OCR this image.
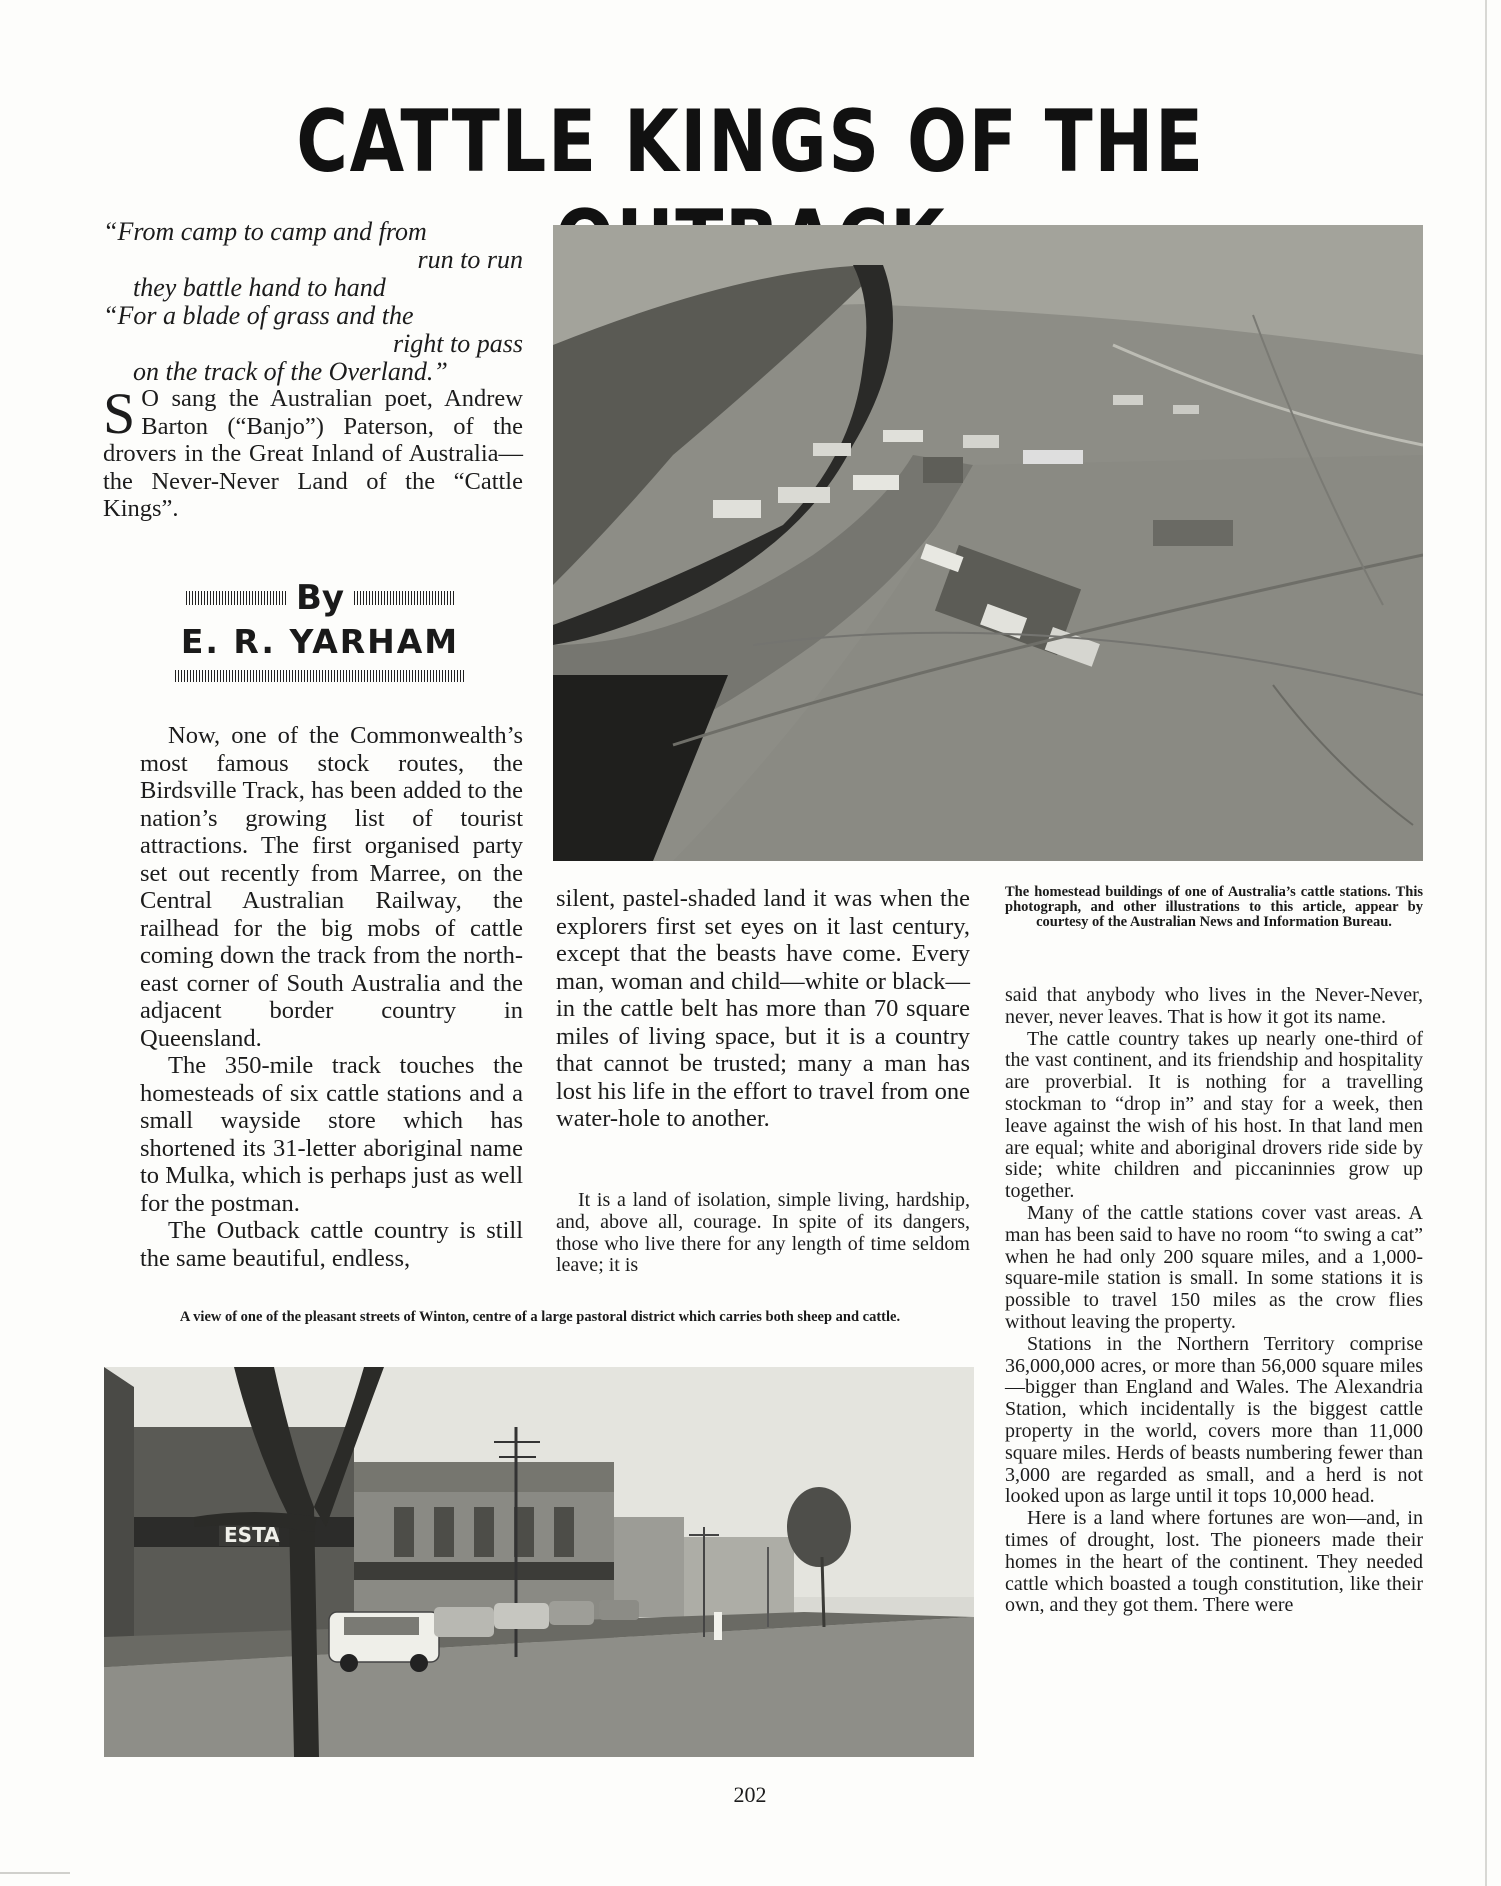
CATTLE KINGS OF THE
“From camp to camp and from
run to run
they battle hand to hand
“For a blade of grass and the
right to pass
on the track of the Overland.”

S O sang the Australian poet, Andrew Barton (“Banjo”) Paterson, of the drovers in the Great Inland of Australia—the Never-Never Land of the “Cattle Kings”.

By
E. R. YARHAM

Now, one of the Commonwealth’s most famous stock routes, the Birdsville Track, has been added to the nation’s growing list of tourist attractions. The first organised party set out recently from Marree, on the Central Australian Railway, the railhead for the big mobs of cattle coming down the track from the north-east corner of South Australia and the adjacent border country in Queensland.

The 350-mile track touches the homesteads of six cattle stations and a small wayside store which has shortened its 31-letter aboriginal name to Mulka, which is perhaps just as well for the postman.

The Outback cattle country is still the same beautiful, endless,

silent, pastel-shaded land it was when the explorers first set eyes on it last century, except that the beasts have come. Every man, woman and child—white or black—in the cattle belt has more than 70 square miles of living space, but it is a country that cannot be trusted; many a man has lost his life in the effort to travel from one water-hole to another.

It is a land of isolation, simple living, hardship, and, above all, courage. In spite of its dangers, those who live there for any length of time seldom leave; it is

The homestead buildings of one of Australia’s cattle stations. This photograph, and other illustrations to this article, appear by courtesy of the Australian News and Information Bureau.

said that anybody who lives in the Never-Never, never, never leaves. That is how it got its name.

The cattle country takes up nearly one-third of the vast continent, and its friendship and hospitality are proverbial. It is nothing for a travelling stockman to “drop in” and stay for a week, then leave against the wish of his host. In that land men are equal; white and aboriginal drovers ride side by side; white children and piccaninnies grow up together.

Many of the cattle stations cover vast areas. A man has been said to have no room “to swing a cat” when he had only 200 square miles, and a 1,000-square-mile station is small. In some stations it is possible to travel 150 miles as the crow flies without leaving the property.

Stations in the Northern Territory comprise 36,000,000 acres, or more than 56,000 square miles—bigger than England and Wales. The Alexandria Station, which incidentally is the biggest cattle property in the world, covers more than 11,000 square miles. Herds of beasts numbering fewer than 3,000 are regarded as small, and a herd is not looked upon as large until it tops 10,000 head.

Here is a land where fortunes are won—and, in times of drought, lost. The pioneers made their homes in the heart of the continent. They needed cattle which boasted a tough constitution, like their own, and they got them. There were

A view of one of the pleasant streets of Winton, centre of a large pastoral district which carries both sheep and cattle.
ESTA
202
